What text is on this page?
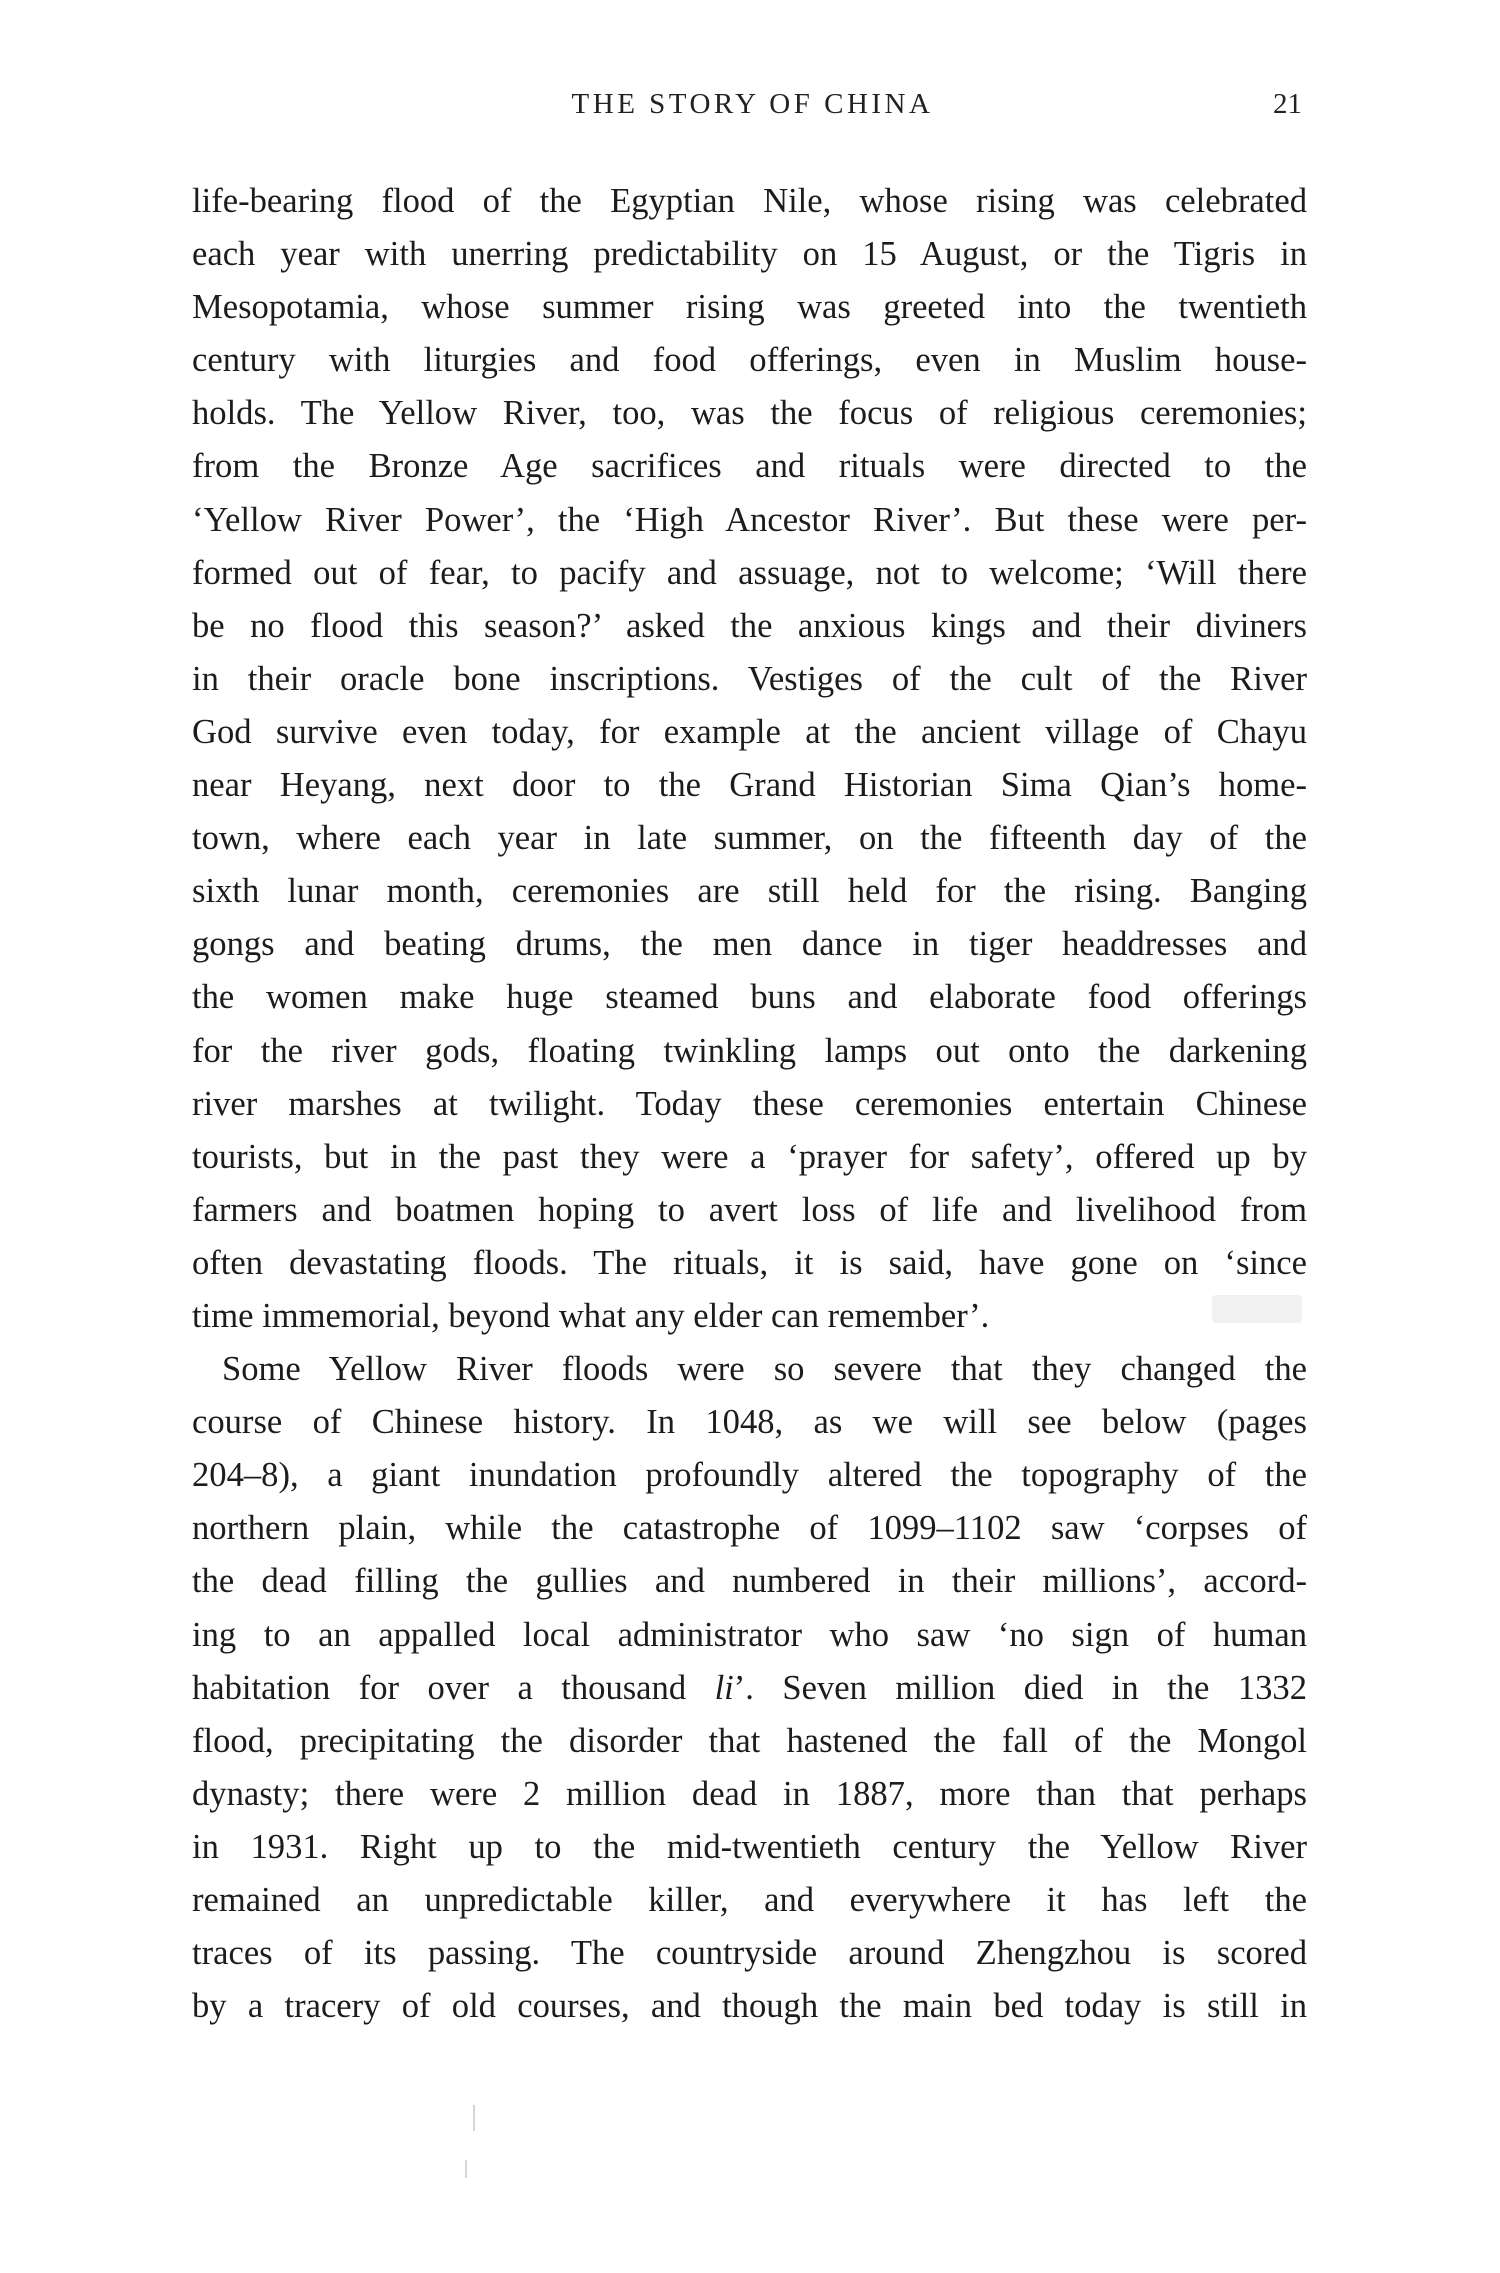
THE STORY OF CHINA	21
life-bearing flood of the Egyptian Nile, whose rising was celebrated
each year with unerring predictability on 15 August, or the Tigris in
Mesopotamia, whose summer rising was greeted into the twentieth
century with liturgies and food offerings, even in Muslim house-
holds. The Yellow River, too, was the focus of religious ceremonies;
from the Bronze Age sacrifices and rituals were directed to the
‘Yellow River Power’, the ‘High Ancestor River’. But these were per-
formed out of fear, to pacify and assuage, not to welcome; ‘Will there
be no flood this season?’ asked the anxious kings and their diviners
in their oracle bone inscriptions. Vestiges of the cult of the River
God survive even today, for example at the ancient village of Chayu
near Heyang, next door to the Grand Historian Sima Qian’s home-
town, where each year in late summer, on the fifteenth day of the
sixth lunar month, ceremonies are still held for the rising. Banging
gongs and beating drums, the men dance in tiger headdresses and
the women make huge steamed buns and elaborate food offerings
for the river gods, floating twinkling lamps out onto the darkening
river marshes at twilight. Today these ceremonies entertain Chinese
tourists, but in the past they were a ‘prayer for safety’, offered up by
farmers and boatmen hoping to avert loss of life and livelihood from
often devastating floods. The rituals, it is said, have gone on ‘since
time immemorial, beyond what any elder can remember’.
Some Yellow River floods were so severe that they changed the
course of Chinese history. In 1048, as we will see below (pages
204–8), a giant inundation profoundly altered the topography of the
northern plain, while the catastrophe of 1099–1102 saw ‘corpses of
the dead filling the gullies and numbered in their millions’, accord-
ing to an appalled local administrator who saw ‘no sign of human
habitation for over a thousand li’. Seven million died in the 1332
flood, precipitating the disorder that hastened the fall of the Mongol
dynasty; there were 2 million dead in 1887, more than that perhaps
in 1931. Right up to the mid-twentieth century the Yellow River
remained an unpredictable killer, and everywhere it has left the
traces of its passing. The countryside around Zhengzhou is scored
by a tracery of old courses, and though the main bed today is still in
